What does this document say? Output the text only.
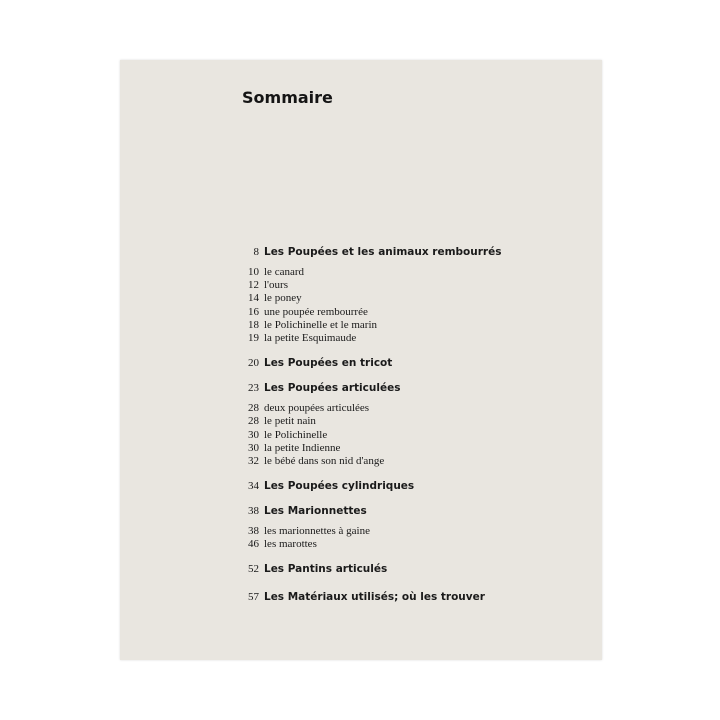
Sommaire
8 Les Poupées et les animaux rembourrés
10 le canard
12 l'ours
14 le poney
16 une poupée rembourrée
18 le Polichinelle et le marin
19 la petite Esquimaude
20 Les Poupées en tricot
23 Les Poupées articulées
28 deux poupées articulées
28 le petit nain
30 le Polichinelle
30 la petite Indienne
32 le bébé dans son nid d'ange
34 Les Poupées cylindriques
38 Les Marionnettes
38 les marionnettes à gaine
46 les marottes
52 Les Pantins articulés
57 Les Matériaux utilisés; où les trouver
